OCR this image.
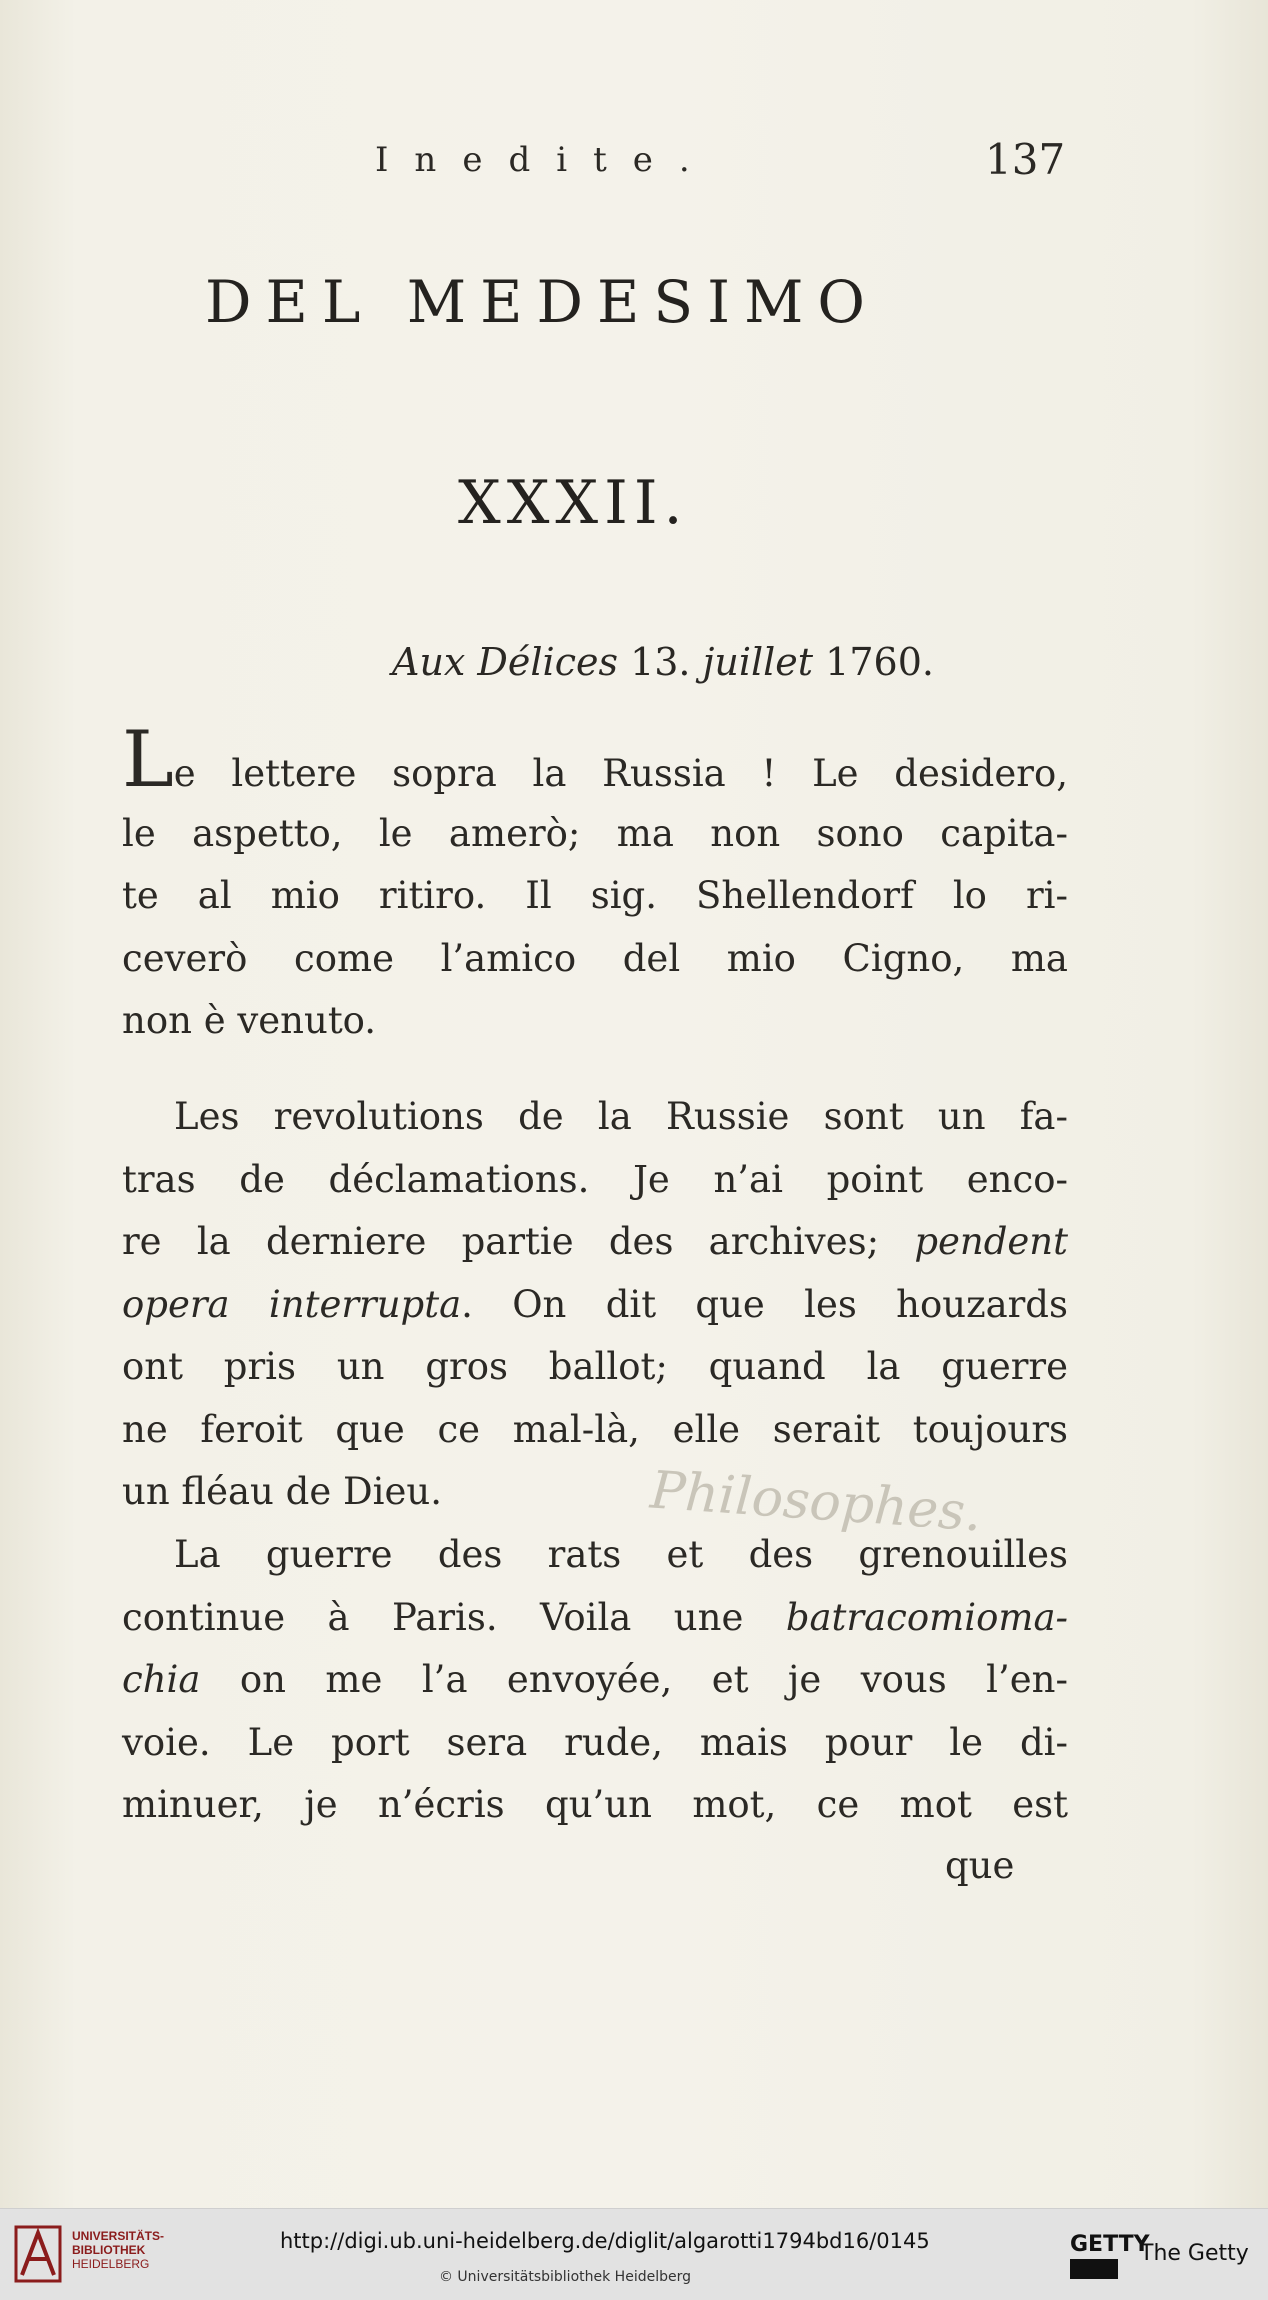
Inedite.	137
DEL MEDESIMO
XXXII.
Aux Délices 13. juillet 1760.
Le lettere sopra la Russia ! Le desidero,
le aspetto, le amerò; ma non sono capita-
te al mio ritiro. Il sig. Shellendorf lo ri-
ceverò come l’amico del mio Cigno, ma
non è venuto.
Les revolutions de la Russie sont un fa-
tras de déclamations. Je n’ai point enco-
re la derniere partie des archives; pendent
opera interrupta. On dit que les houzards
ont pris un gros ballot; quand la guerre
ne feroit que ce mal-là, elle serait toujours
un fléau de Dieu.	Philosophes.
La guerre des rats et des grenouilles
continue à Paris. Voila une batracomioma-
chia on me l’a envoyée, et je vous l’en-
voie. Le port sera rude, mais pour le di-
minuer, je n’écris qu’un mot, ce mot est
que
UNIVERSITÄTS-
BIBLIOTHEK
HEIDELBERG
http://digi.ub.uni-heidelberg.de/diglit/algarotti1794bd16/0145
© Universitätsbibliothek Heidelberg
GETTY
The Getty
